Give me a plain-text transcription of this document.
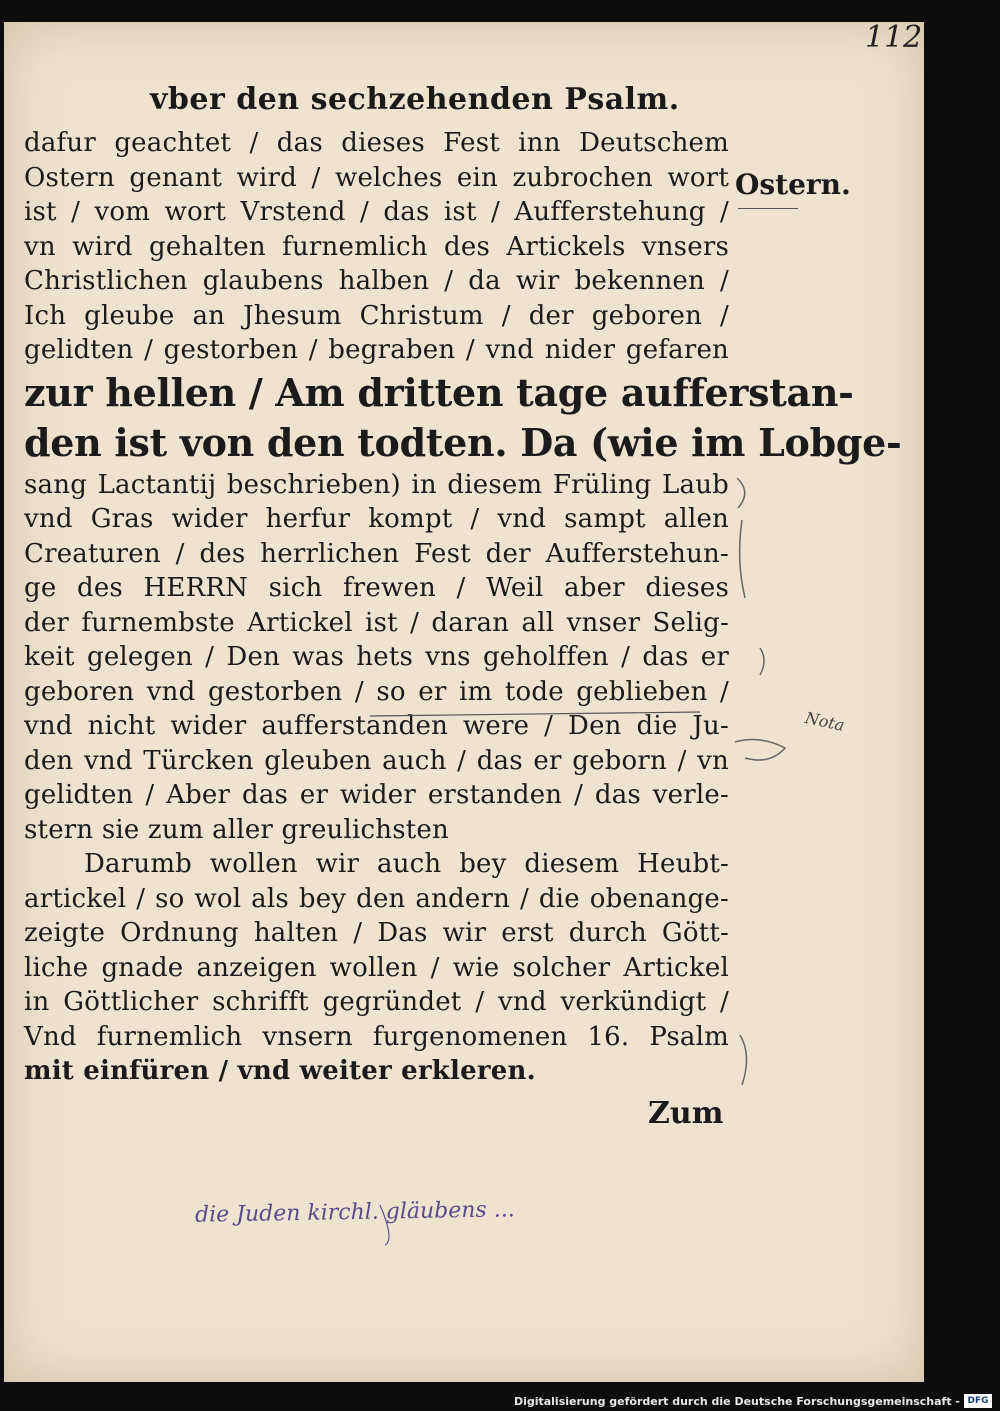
112
vber den sechzehenden Psalm.
dafur geachtet / das dieses Fest inn Deutschem
Ostern genant wird / welches ein zubrochen wort
ist / vom wort Vrstend / das ist / Aufferstehung /
vn wird gehalten furnemlich des Artickels vnsers
Christlichen glaubens halben / da wir bekennen /
Ich gleube an Jhesum Christum / der geboren /
gelidten / gestorben / begraben / vnd nider gefaren
zur hellen / Am dritten tage aufferstan-
den ist von den todten. Da (wie im Lobge-
sang Lactantij beschrieben) in diesem Früling Laub
vnd Gras wider herfur kompt / vnd sampt allen
Creaturen / des herrlichen Fest der Aufferstehun-
ge des HERRN sich frewen / Weil aber dieses
der furnembste Artickel ist / daran all vnser Selig-
keit gelegen / Den was hets vns geholffen / das er
geboren vnd gestorben / so er im tode geblieben /
vnd nicht wider aufferstanden were / Den die Ju-
den vnd Türcken gleuben auch / das er geborn / vn
gelidten / Aber das er wider erstanden / das verle-
stern sie zum aller greulichsten
Darumb wollen wir auch bey diesem Heubt-
artickel / so wol als bey den andern / die obenange-
zeigte Ordnung halten / Das wir erst durch Gött-
liche gnade anzeigen wollen / wie solcher Artickel
in Göttlicher schrifft gegründet / vnd verkündigt /
Vnd furnemlich vnsern furgenomenen 16. Psalm
mit einfüren / vnd weiter erkleren.
Ostern.
Zum
Nota
die Juden kirchl. gläubens ...
Digitalisierung gefördert durch die Deutsche Forschungsgemeinschaft - DFG
